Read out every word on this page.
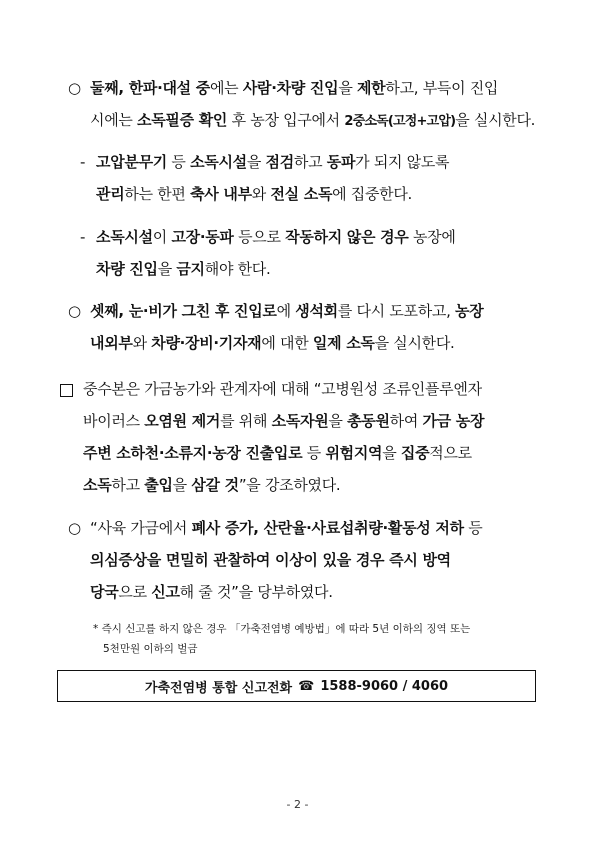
○ 둘째, 한파·대설 중에는 사람·차량 진입을 제한하고, 부득이 진입
시에는 소독필증 확인 후 농장 입구에서 2중소독(고정+고압)을 실시한다.
- 고압분무기 등 소독시설을 점검하고 동파가 되지 않도록
관리하는 한편 축사 내부와 전실 소독에 집중한다.
- 소독시설이 고장·동파 등으로 작동하지 않은 경우 농장에
차량 진입을 금지해야 한다.
○ 셋째, 눈·비가 그친 후 진입로에 생석회를 다시 도포하고, 농장
내외부와 차량·장비·기자재에 대한 일제 소독을 실시한다.
중수본은 가금농가와 관계자에 대해 “고병원성 조류인플루엔자
바이러스 오염원 제거를 위해 소독자원을 총동원하여 가금 농장
주변 소하천·소류지·농장 진출입로 등 위험지역을 집중적으로
소독하고 출입을 삼갈 것”을 강조하였다.
○ “사육 가금에서 폐사 증가, 산란율·사료섭취량·활동성 저하 등
의심증상을 면밀히 관찰하여 이상이 있을 경우 즉시 방역
당국으로 신고해 줄 것”을 당부하였다.
* 즉시 신고를 하지 않은 경우 「가축전염병 예방법」에 따라 5년 이하의 징역 또는
5천만원 이하의 벌금
가축전염병 통합 신고전화 ☎ 1588-9060 / 4060
- 2 -
